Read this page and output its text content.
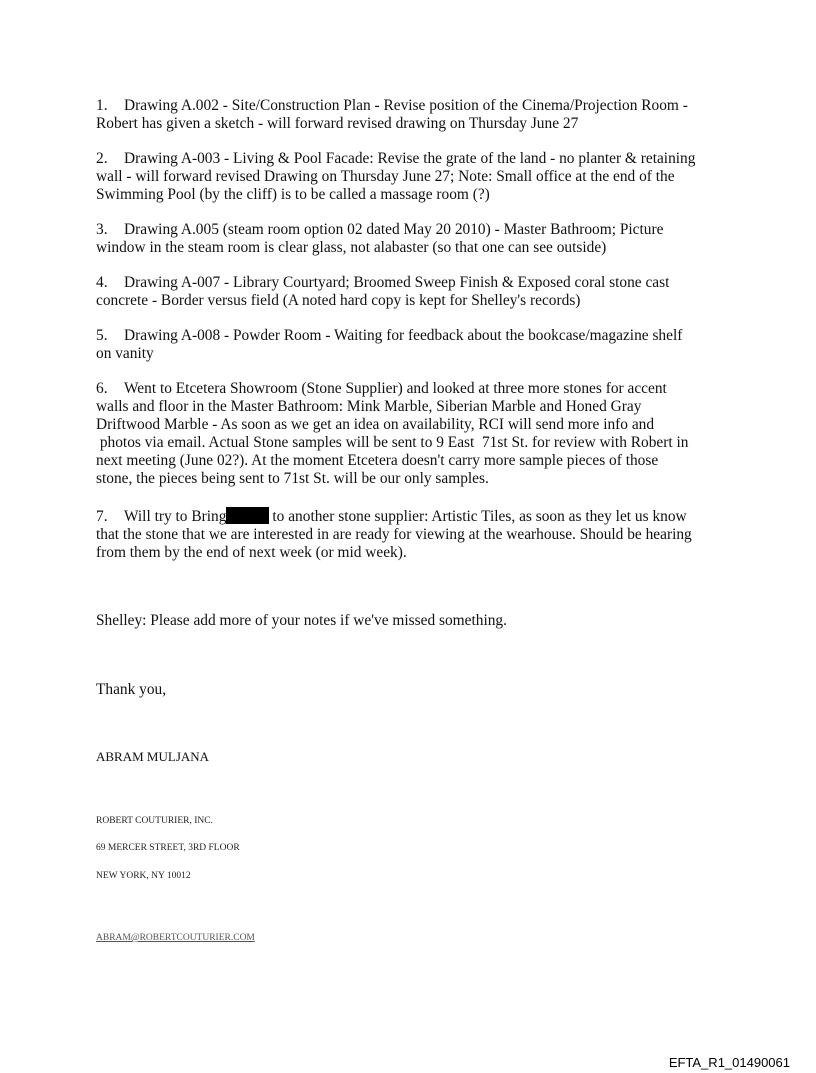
1. Drawing A.002 - Site/Construction Plan - Revise position of the Cinema/Projection Room -
Robert has given a sketch - will forward revised drawing on Thursday June 27

2. Drawing A-003 - Living & Pool Facade: Revise the grate of the land - no planter & retaining
wall - will forward revised Drawing on Thursday June 27; Note: Small office at the end of the
Swimming Pool (by the cliff) is to be called a massage room (?)

3. Drawing A.005 (steam room option 02 dated May 20 2010) - Master Bathroom; Picture
window in the steam room is clear glass, not alabaster (so that one can see outside)

4. Drawing A-007 - Library Courtyard; Broomed Sweep Finish & Exposed coral stone cast
concrete - Border versus field (A noted hard copy is kept for Shelley's records)

5. Drawing A-008 - Powder Room - Waiting for feedback about the bookcase/magazine shelf
on vanity

6. Went to Etcetera Showroom (Stone Supplier) and looked at three more stones for accent
walls and floor in the Master Bathroom: Mink Marble, Siberian Marble and Honed Gray
Driftwood Marble - As soon as we get an idea on availability, RCI will send more info and
photos via email. Actual Stone samples will be sent to 9 East  71st St. for review with Robert in
next meeting (June 02?). At the moment Etcetera doesn't carry more sample pieces of those
stone, the pieces being sent to 71st St. will be our only samples.

7. Will try to Bring	to another stone supplier: Artistic Tiles, as soon as they let us know
that the stone that we are interested in are ready for viewing at the wearhouse. Should be hearing
from them by the end of next week (or mid week).

Shelley: Please add more of your notes if we've missed something.

Thank you,

ABRAM MULJANA

ROBERT COUTURIER, INC.

69 MERCER STREET, 3RD FLOOR

NEW YORK, NY 10012

ABRAM@ROBERTCOUTURIER.COM

EFTA_R1_01490061
